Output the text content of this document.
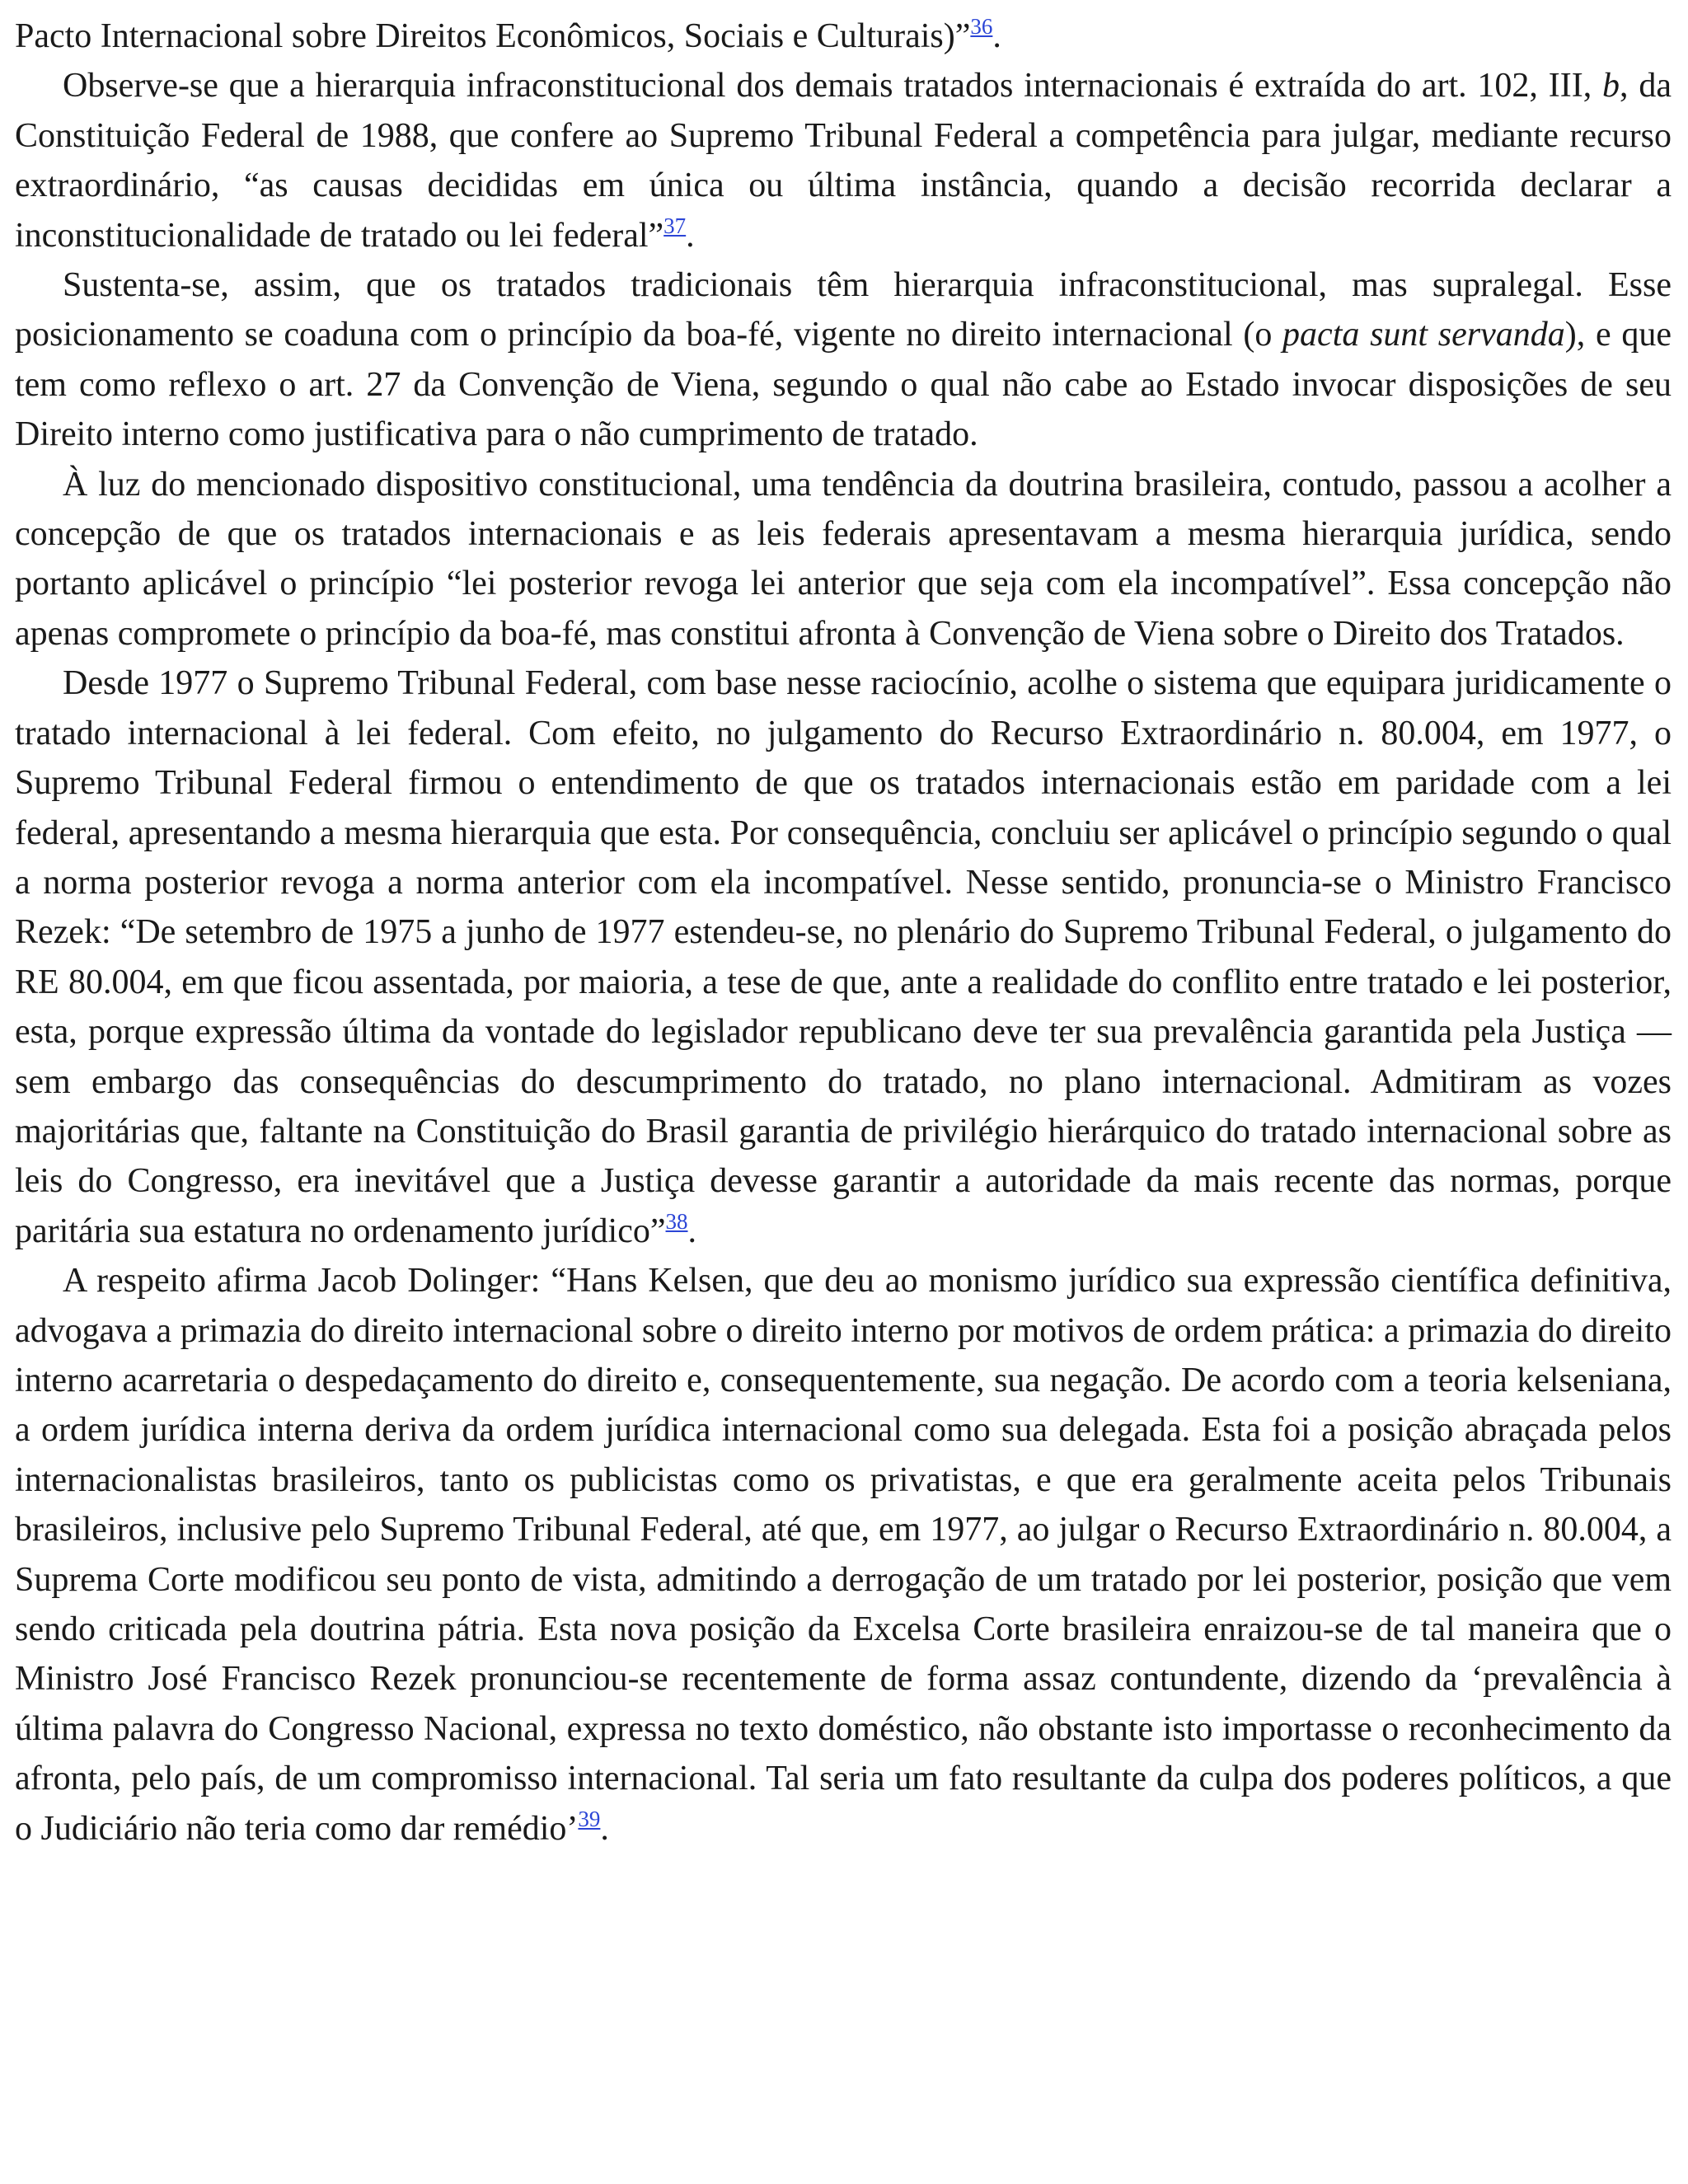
Pacto Internacional sobre Direitos Econômicos, Sociais e Culturais)”$^{36}$.

Observe-se que a hierarquia infraconstitucional dos demais tratados internacionais é extraída do art. 102, III, b, da Constituição Federal de 1988, que confere ao Supremo Tribunal Federal a competência para julgar, mediante recurso extraordinário, “as causas decididas em única ou última instância, quando a decisão recorrida declarar a inconstitucionalidade de tratado ou lei federal”$^{37}$.

Sustenta-se, assim, que os tratados tradicionais têm hierarquia infraconstitucional, mas supralegal. Esse posicionamento se coaduna com o princípio da boa-fé, vigente no direito internacional (o pacta sunt servanda), e que tem como reflexo o art. 27 da Convenção de Viena, segundo o qual não cabe ao Estado invocar disposições de seu Direito interno como justificativa para o não cumprimento de tratado.

À luz do mencionado dispositivo constitucional, uma tendência da doutrina brasileira, contudo, passou a acolher a concepção de que os tratados internacionais e as leis federais apresentavam a mesma hierarquia jurídica, sendo portanto aplicável o princípio “lei posterior revoga lei anterior que seja com ela incompatível”. Essa concepção não apenas compromete o princípio da boa-fé, mas constitui afronta à Convenção de Viena sobre o Direito dos Tratados.

Desde 1977 o Supremo Tribunal Federal, com base nesse raciocínio, acolhe o sistema que equipara juridicamente o tratado internacional à lei federal. Com efeito, no julgamento do Recurso Extraordinário n. 80.004, em 1977, o Supremo Tribunal Federal firmou o entendimento de que os tratados internacionais estão em paridade com a lei federal, apresentando a mesma hierarquia que esta. Por consequência, concluiu ser aplicável o princípio segundo o qual a norma posterior revoga a norma anterior com ela incompatível. Nesse sentido, pronuncia-se o Ministro Francisco Rezek: “De setembro de 1975 a junho de 1977 estendeu-se, no plenário do Supremo Tribunal Federal, o julgamento do RE 80.004, em que ficou assentada, por maioria, a tese de que, ante a realidade do conflito entre tratado e lei posterior, esta, porque expressão última da vontade do legislador republicano deve ter sua prevalência garantida pela Justiça — sem embargo das consequências do descumprimento do tratado, no plano internacional. Admitiram as vozes majoritárias que, faltante na Constituição do Brasil garantia de privilégio hierárquico do tratado internacional sobre as leis do Congresso, era inevitável que a Justiça devesse garantir a autoridade da mais recente das normas, porque paritária sua estatura no ordenamento jurídico”$^{38}$.

A respeito afirma Jacob Dolinger: “Hans Kelsen, que deu ao monismo jurídico sua expressão científica definitiva, advogava a primazia do direito internacional sobre o direito interno por motivos de ordem prática: a primazia do direito interno acarretaria o despedaçamento do direito e, consequentemente, sua negação. De acordo com a teoria kelseniana, a ordem jurídica interna deriva da ordem jurídica internacional como sua delegada. Esta foi a posição abraçada pelos internacionalistas brasileiros, tanto os publicistas como os privatistas, e que era geralmente aceita pelos Tribunais brasileiros, inclusive pelo Supremo Tribunal Federal, até que, em 1977, ao julgar o Recurso Extraordinário n. 80.004, a Suprema Corte modificou seu ponto de vista, admitindo a derrogação de um tratado por lei posterior, posição que vem sendo criticada pela doutrina pátria. Esta nova posição da Excelsa Corte brasileira enraizou-se de tal maneira que o Ministro José Francisco Rezek pronunciou-se recentemente de forma assaz contundente, dizendo da ‘prevalência à última palavra do Congresso Nacional, expressa no texto doméstico, não obstante isto importasse o reconhecimento da afronta, pelo país, de um compromisso internacional. Tal seria um fato resultante da culpa dos poderes políticos, a que o Judiciário não teria como dar remédio’$^{39}$.
